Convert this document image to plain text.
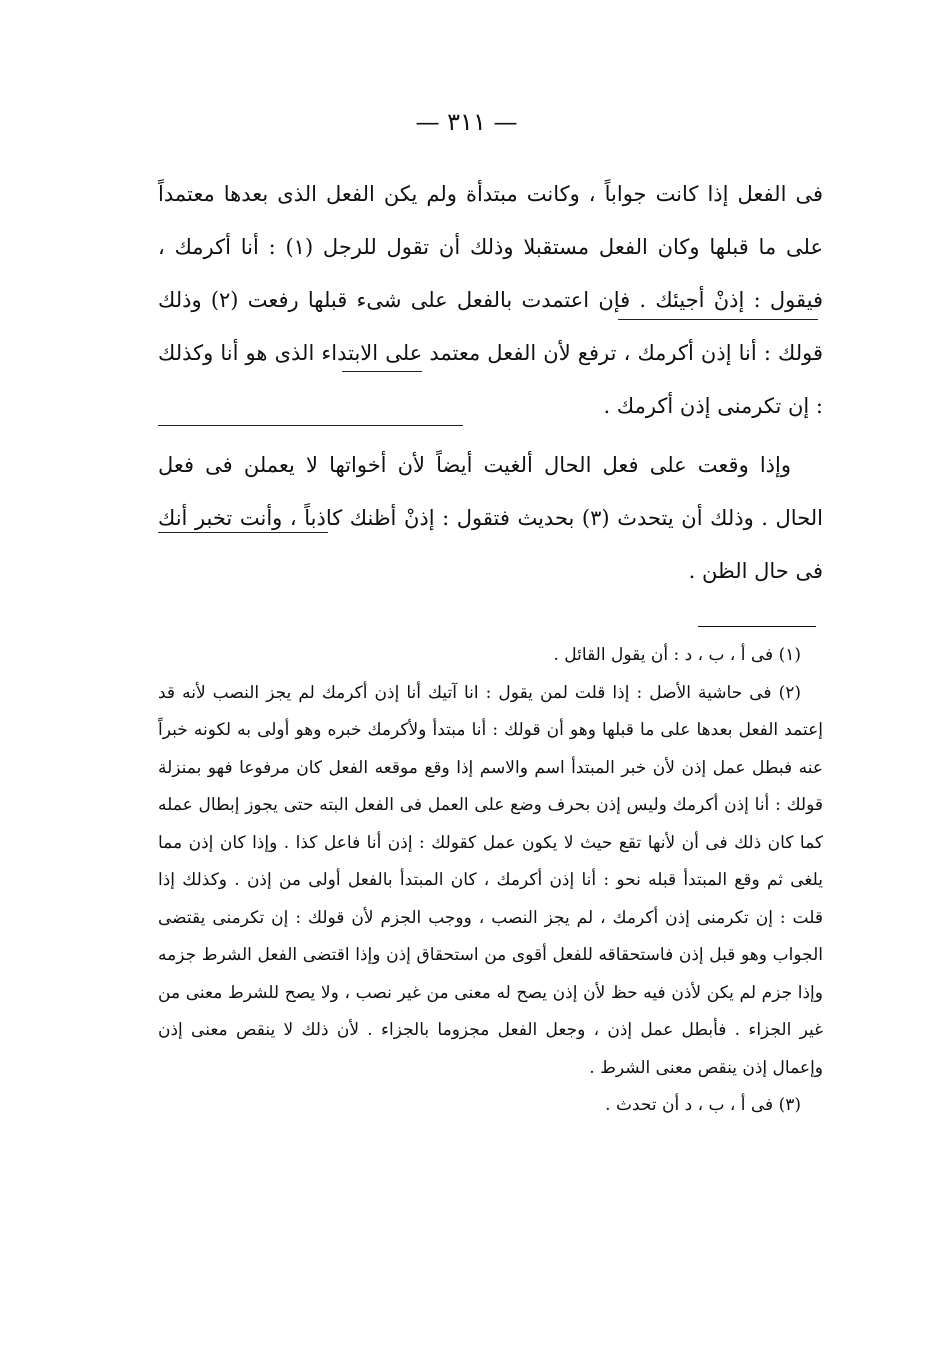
— ٣١١ —

فى الفعل إذا كانت جواباً ، وكانت مبتدأة ولم يكن الفعل الذى بعدها معتمداً على ما قبلها وكان الفعل مستقبلا وذلك أن تقول للرجل (١) : أنا أكرمك ، فيقول : إذنْ أجيئك . فإن اعتمدت بالفعل على شىء قبلها رفعت (٢) وذلك قولك : أنا إذن أكرمك ، ترفع لأن الفعل معتمد على الابتداء الذى هو أنا وكذلك : إن تكرمنى إذن أكرمك .

وإذا وقعت على فعل الحال ألغيت أيضاً لأن أخواتها لا يعملن فى فعل الحال . وذلك أن يتحدث (٣) بحديث فتقول : إذنْ أظنك كاذباً ، وأنت تخبر أنك فى حال الظن .

(١) فى أ ، ب ، د : أن يقول القائل .

(٢) فى حاشية الأصل : إذا قلت لمن يقول : انا آتيك أنا إذن أكرمك لم يجز النصب لأنه قد إعتمد الفعل بعدها على ما قبلها وهو أن قولك : أنا مبتدأ ولأكرمك خبره وهو أولى به لكونه خبراً عنه فبطل عمل إذن لأن خبر المبتدأ اسم والاسم إذا وقع موقعه الفعل كان مرفوعا فهو بمنزلة قولك : أنا إذن أكرمك وليس إذن بحرف وضع على العمل فى الفعل البته حتى يجوز إبطال عمله كما كان ذلك فى أن لأنها تقع حيث لا يكون عمل كقولك : إذن أنا فاعل كذا . وإذا كان إذن مما يلغى ثم وقع المبتدأ قبله نحو : أنا إذن أكرمك ، كان المبتدأ بالفعل أولى من إذن . وكذلك إذا قلت : إن تكرمنى إذن أكرمك ، لم يجز النصب ، ووجب الجزم لأن قولك : إن تكرمنى يقتضى الجواب وهو قبل إذن فاستحقاقه للفعل أقوى من استحقاق إذن وإذا اقتضى الفعل الشرط جزمه وإذا جزم لم يكن لأذن فيه حظ لأن إذن يصح له معنى من غير نصب ، ولا يصح للشرط معنى من غير الجزاء . فأبطل عمل إذن ، وجعل الفعل مجزوما بالجزاء . لأن ذلك لا ينقص معنى إذن وإعمال إذن ينقص معنى الشرط .

(٣) فى أ ، ب ، د أن تحدث .
